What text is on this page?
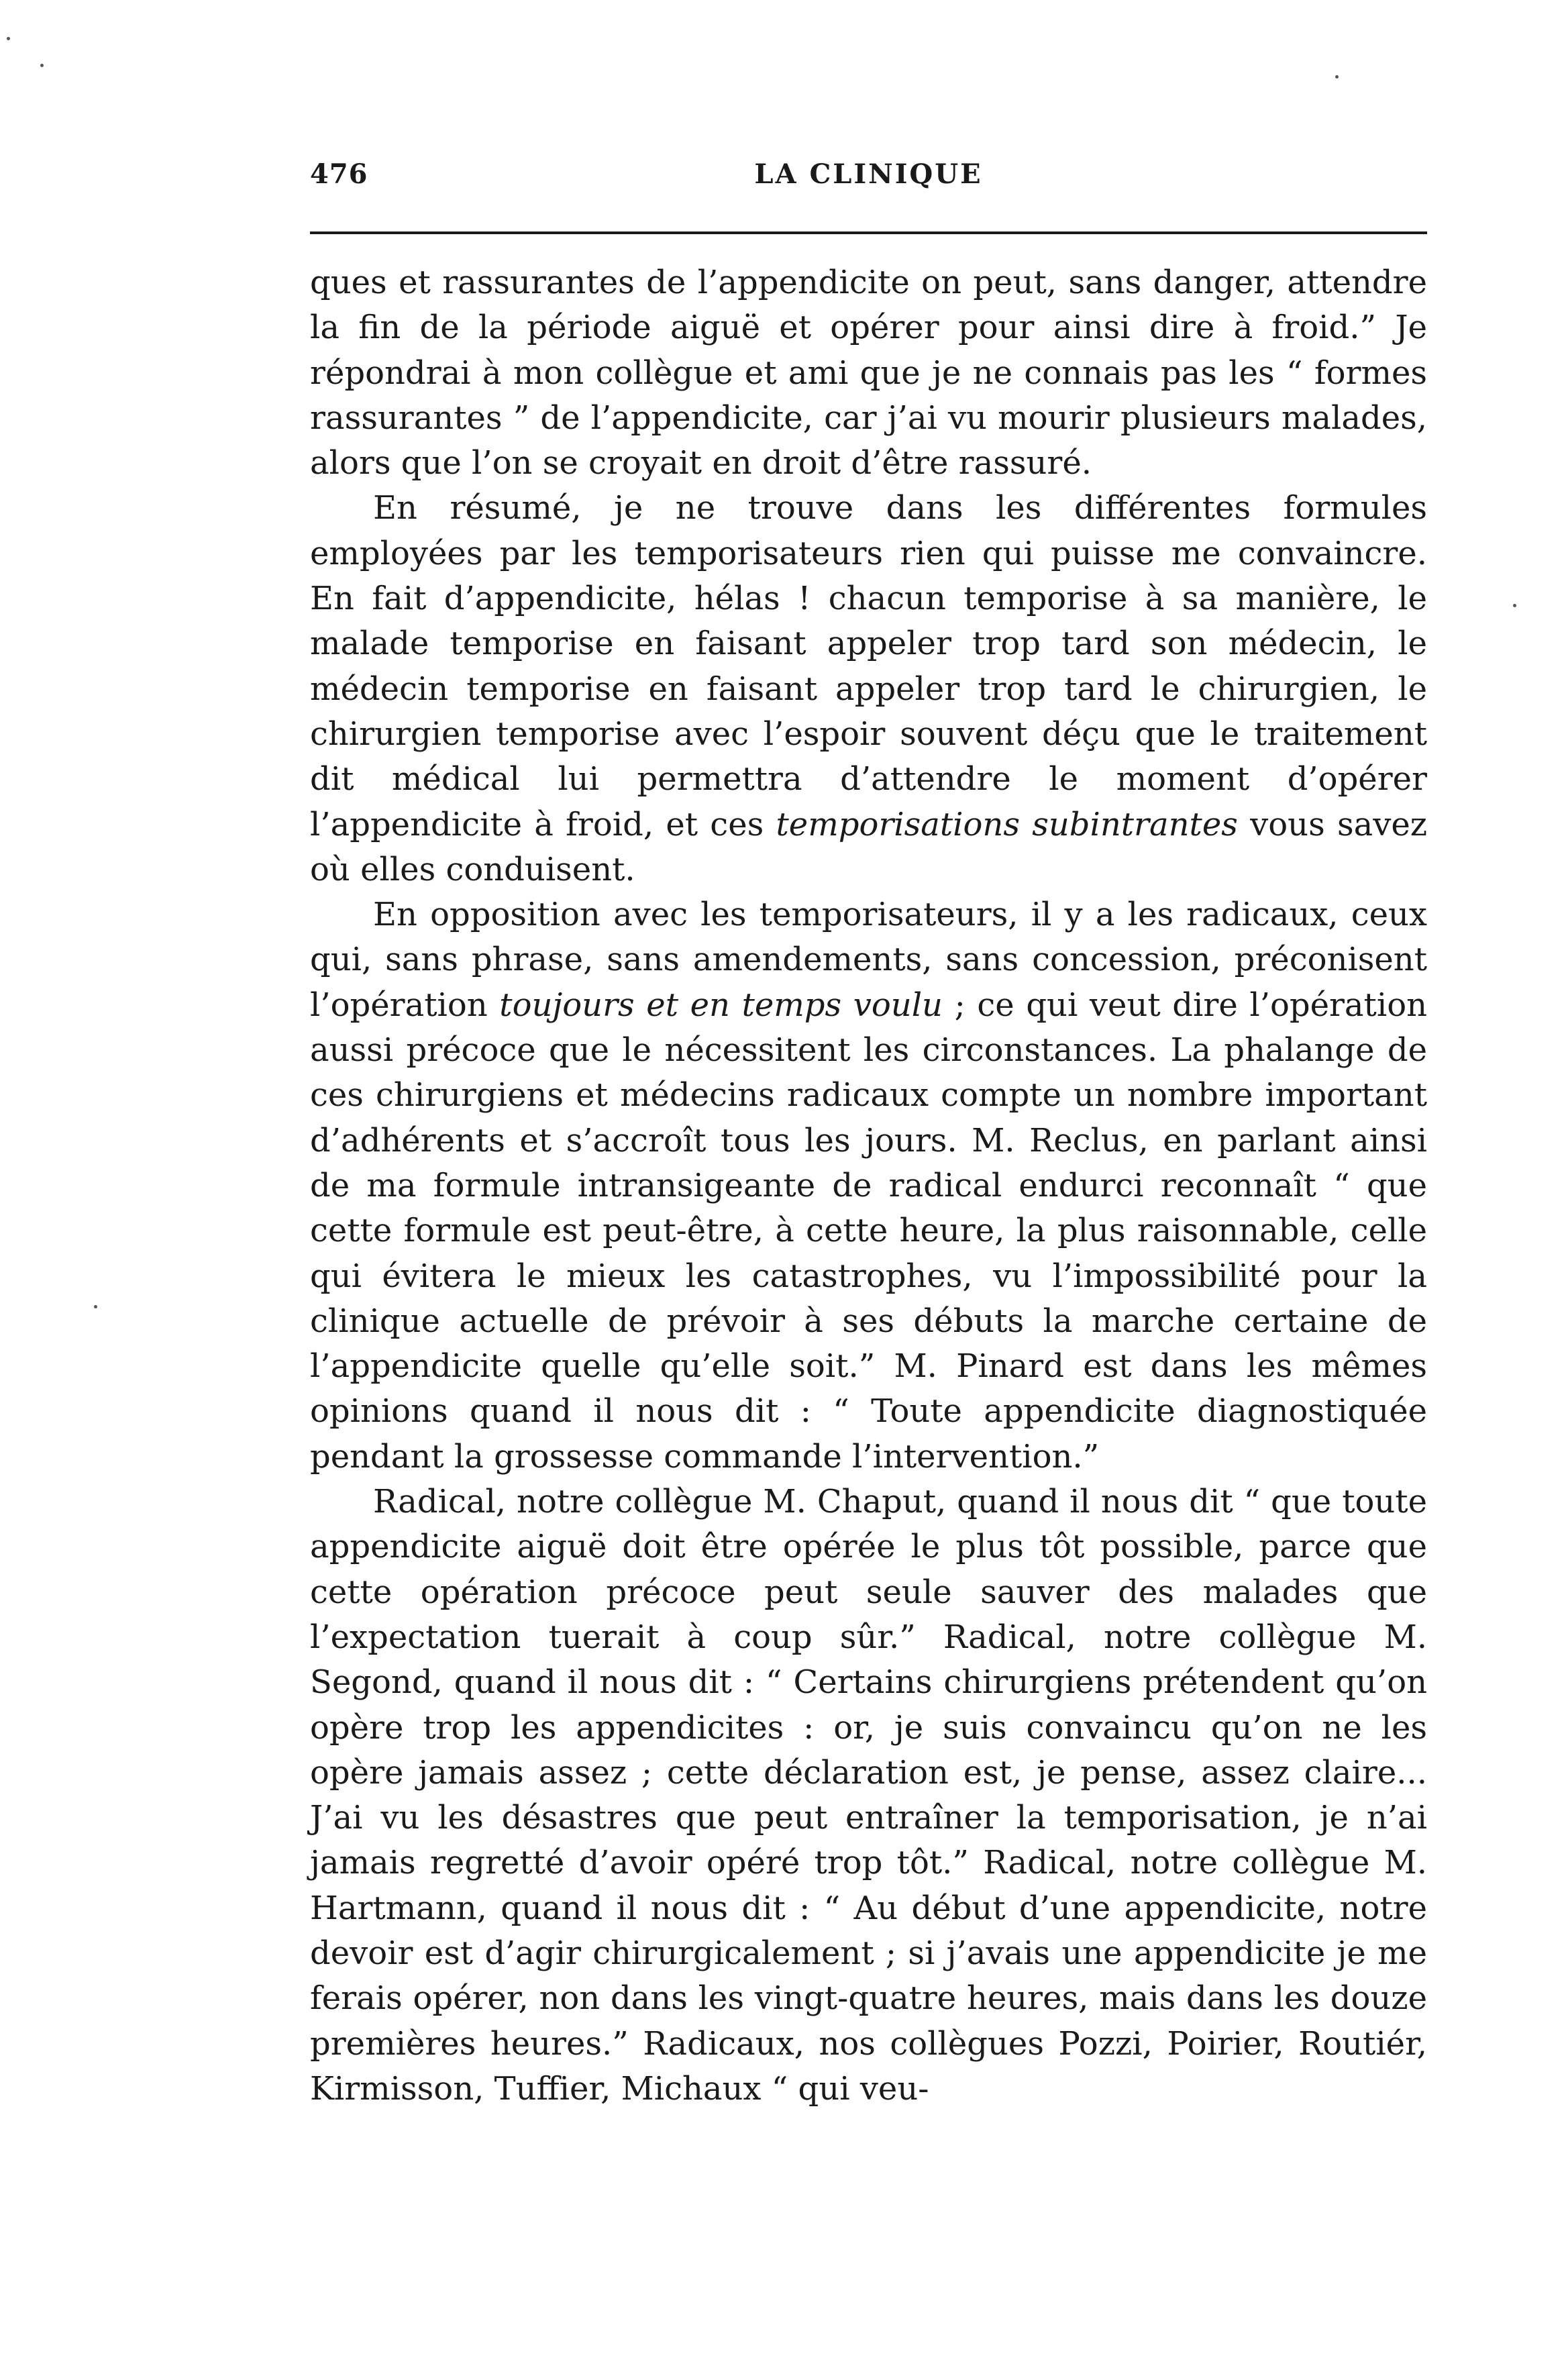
LA CLINIQUE
476

ques et rassurantes de l’appendicite on peut, sans danger, attendre la fin de la période aiguë et opérer pour ainsi dire à froid.” Je répondrai à mon collègue et ami que je ne connais pas les “ formes rassurantes ” de l’appendicite, car j’ai vu mourir plusieurs malades, alors que l’on se croyait en droit d’être rassuré.

En résumé, je ne trouve dans les différentes formules employées par les temporisateurs rien qui puisse me convaincre. En fait d’appendicite, hélas ! chacun temporise à sa manière, le malade temporise en faisant appeler trop tard son médecin, le médecin temporise en faisant appeler trop tard le chirurgien, le chirurgien temporise avec l’espoir souvent déçu que le traitement dit médical lui permettra d’attendre le moment d’opérer l’appendicite à froid, et ces temporisations subintrantes vous savez où elles conduisent.

En opposition avec les temporisateurs, il y a les radicaux, ceux qui, sans phrase, sans amendements, sans concession, préconisent l’opération toujours et en temps voulu ; ce qui veut dire l’opération aussi précoce que le nécessitent les circonstances. La phalange de ces chirurgiens et médecins radicaux compte un nombre important d’adhérents et s’accroît tous les jours. M. Reclus, en parlant ainsi de ma formule intransigeante de radical endurci reconnaît “ que cette formule est peut-être, à cette heure, la plus raisonnable, celle qui évitera le mieux les catastrophes, vu l’impossibilité pour la clinique actuelle de prévoir à ses débuts la marche certaine de l’appendicite quelle qu’elle soit.” M. Pinard est dans les mêmes opinions quand il nous dit : “ Toute appendicite diagnostiquée pendant la grossesse commande l’intervention.”

Radical, notre collègue M. Chaput, quand il nous dit “ que toute appendicite aiguë doit être opérée le plus tôt possible, parce que cette opération précoce peut seule sauver des malades que l’expectation tuerait à coup sûr.” Radical, notre collègue M. Segond, quand il nous dit : “ Certains chirurgiens prétendent qu’on opère trop les appendicites : or, je suis convaincu qu’on ne les opère jamais assez ; cette déclaration est, je pense, assez claire... J’ai vu les désastres que peut entraîner la temporisation, je n’ai jamais regretté d’avoir opéré trop tôt.” Radical, notre collègue M. Hartmann, quand il nous dit : “ Au début d’une appendicite, notre devoir est d’agir chirurgicalement ; si j’avais une appendicite je me ferais opérer, non dans les vingt-quatre heures, mais dans les douze premières heures.” Radicaux, nos collègues Pozzi, Poirier, Routiér, Kirmisson, Tuffier, Michaux “ qui veu-
